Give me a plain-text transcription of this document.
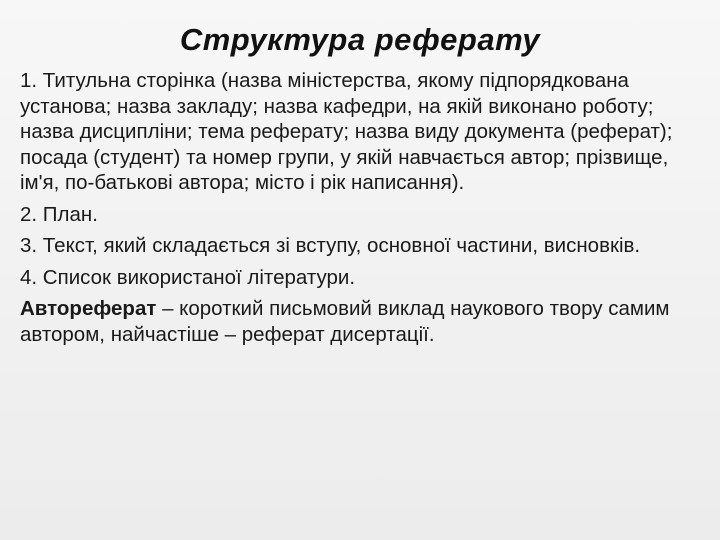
Структура реферату

1. Титульна сторінка (назва міністерства, якому підпорядкована установа; назва закладу; назва кафедри, на якій виконано роботу; назва дисципліни; тема реферату; назва виду документа (реферат); посада (студент) та номер групи, у якій навчається автор; прізвище, ім'я, по-батькові автора; місто і рік написання).

2. План.

3. Текст, який складається зі вступу, основної частини, висновків.

4. Список використаної літератури.

Автореферат – короткий письмовий виклад наукового твору самим автором, найчастіше – реферат дисертації.
